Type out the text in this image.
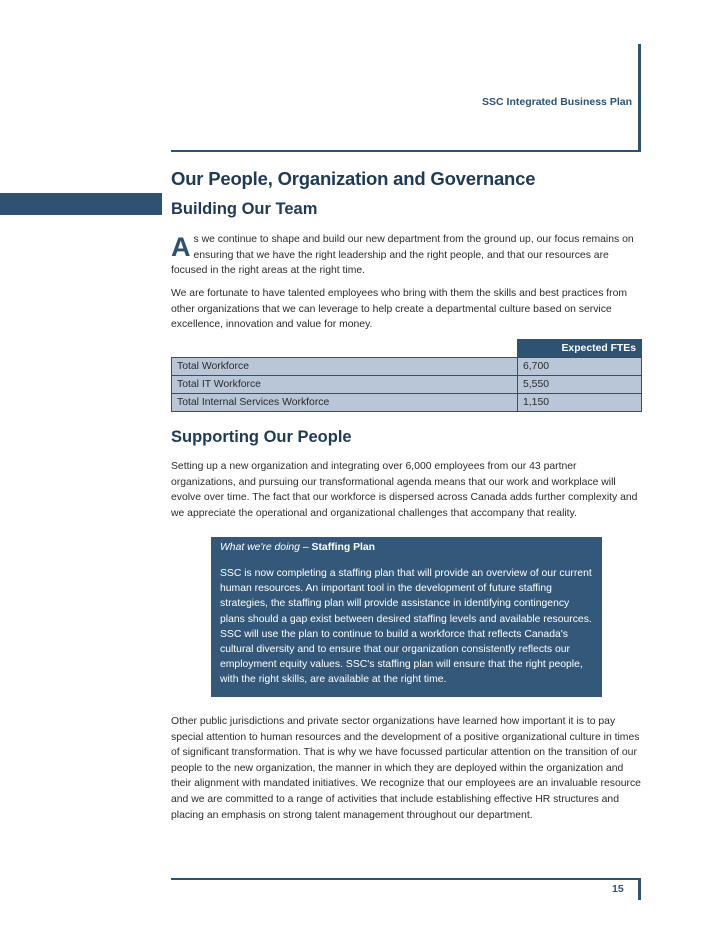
SSC Integrated Business Plan
Our People, Organization and Governance
Building Our Team
As we continue to shape and build our new department from the ground up, our focus remains on ensuring that we have the right leadership and the right people, and that our resources are focused in the right areas at the right time.
We are fortunate to have talented employees who bring with them the skills and best practices from other organizations that we can leverage to help create a departmental culture based on service excellence, innovation and value for money.
	Expected FTEs
Total Workforce	6,700
Total IT Workforce	5,550
Total Internal Services Workforce	1,150
Supporting Our People
Setting up a new organization and integrating over 6,000 employees from our 43 partner organizations, and pursuing our transformational agenda means that our work and workplace will evolve over time. The fact that our workforce is dispersed across Canada adds further complexity and we appreciate the operational and organizational challenges that accompany that reality.
What we're doing – Staffing Plan
SSC is now completing a staffing plan that will provide an overview of our current human resources. An important tool in the development of future staffing strategies, the staffing plan will provide assistance in identifying contingency plans should a gap exist between desired staffing levels and available resources. SSC will use the plan to continue to build a workforce that reflects Canada's cultural diversity and to ensure that our organization consistently reflects our employment equity values. SSC's staffing plan will ensure that the right people, with the right skills, are available at the right time.
Other public jurisdictions and private sector organizations have learned how important it is to pay special attention to human resources and the development of a positive organizational culture in times of significant transformation. That is why we have focussed particular attention on the transition of our people to the new organization, the manner in which they are deployed within the organization and their alignment with mandated initiatives. We recognize that our employees are an invaluable resource and we are committed to a range of activities that include establishing effective HR structures and placing an emphasis on strong talent management throughout our department.
15
